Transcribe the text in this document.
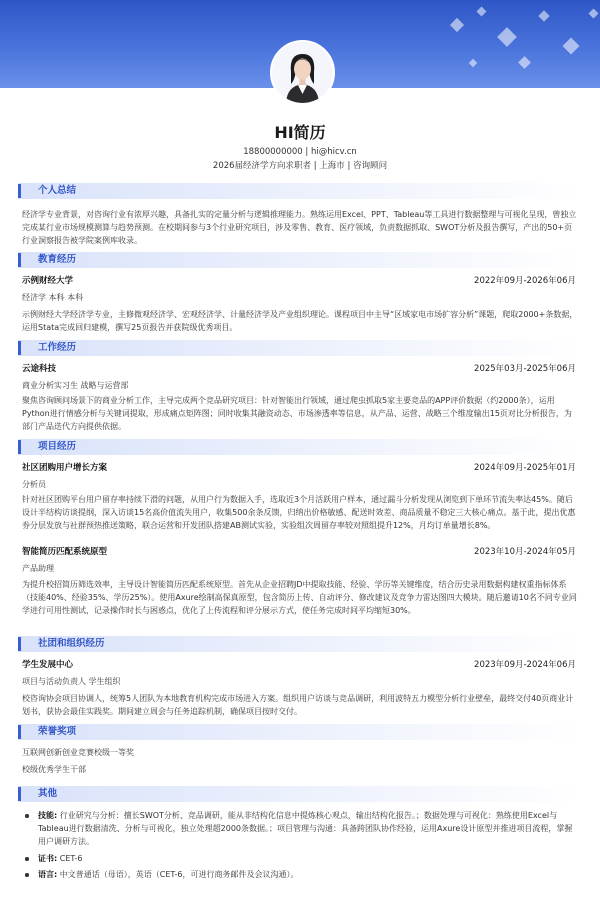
HI简历
18800000000 | hi@hicv.cn
2026届经济学方向求职者 | 上海市 | 咨询顾问
个人总结
经济学专业背景，对咨询行业有浓厚兴趣，具备扎实的定量分析与逻辑推理能力。熟练运用Excel、PPT、Tableau等工具进行数据整理与可视化呈现，曾独立完成某行业市场规模测算与趋势预测。在校期间参与3个行业研究项目，涉及零售、教育、医疗领域，负责数据抓取、SWOT分析及报告撰写，产出的50+页行业洞察报告被学院案例库收录。
教育经历
示例财经大学	2022年09月-2026年06月
经济学 本科 本科
示例财经大学经济学专业，主修微观经济学、宏观经济学、计量经济学及产业组织理论。课程项目中主导“区域家电市场扩容分析”课题，爬取2000+条数据，运用Stata完成回归建模，撰写25页报告并获院级优秀项目。
工作经历
云途科技	2025年03月-2025年06月
商业分析实习生 战略与运营部
聚焦咨询顾问场景下的商业分析工作，主导完成两个竞品研究项目：针对智能出行领域，通过爬虫抓取5家主要竞品的APP评价数据（约2000条），运用Python进行情感分析与关键词提取，形成痛点矩阵图；同时收集其融资动态、市场渗透率等信息，从产品、运营、战略三个维度输出15页对比分析报告，为部门产品迭代方向提供依据。
项目经历
社区团购用户增长方案	2024年09月-2025年01月
分析员
针对社区团购平台用户留存率持续下滑的问题，从用户行为数据入手，选取近3个月活跃用户样本，通过漏斗分析发现从浏览到下单环节流失率达45%。随后设计半结构访谈提纲，深入访谈15名高价值流失用户，收集500余条反馈，归纳出价格敏感、配送时效差、商品质量不稳定三大核心痛点。基于此，提出优惠券分层发放与社群预热推送策略，联合运营和开发团队搭建AB测试实验，实验组次周留存率较对照组提升12%，月均订单量增长8%。
智能简历匹配系统原型	2023年10月-2024年05月
产品助理
为提升校招简历筛选效率，主导设计智能简历匹配系统原型。首先从企业招聘JD中提取技能、经验、学历等关键维度，结合历史录用数据构建权重指标体系（技能40%、经验35%、学历25%）。使用Axure绘制高保真原型，包含简历上传、自动评分、修改建议及竞争力雷达图四大模块。随后邀请10名不同专业同学进行可用性测试，记录操作时长与困惑点，优化了上传流程和评分展示方式，使任务完成时间平均缩短30%。
社团和组织经历
学生发展中心	2023年09月-2024年06月
项目与活动负责人 学生组织
校咨询协会项目协调人，统筹5人团队为本地教育机构完成市场进入方案。组织用户访谈与竞品调研，利用波特五力模型分析行业壁垒，最终交付40页商业计划书，获协会最佳实践奖。期间建立周会与任务追踪机制，确保项目按时交付。
荣誉奖项
互联网创新创业竞赛校级一等奖
校级优秀学生干部
其他
技能: 行业研究与分析：擅长SWOT分析、竞品调研，能从非结构化信息中提炼核心观点，输出结构化报告。；数据处理与可视化：熟练使用Excel与Tableau进行数据清洗、分析与可视化，独立处理超2000条数据。；项目管理与沟通：具备跨团队协作经验，运用Axure设计原型并推进项目流程，掌握用户调研方法。
证书: CET-6
语言: 中文普通话（母语），英语（CET-6，可进行商务邮件及会议沟通）。
